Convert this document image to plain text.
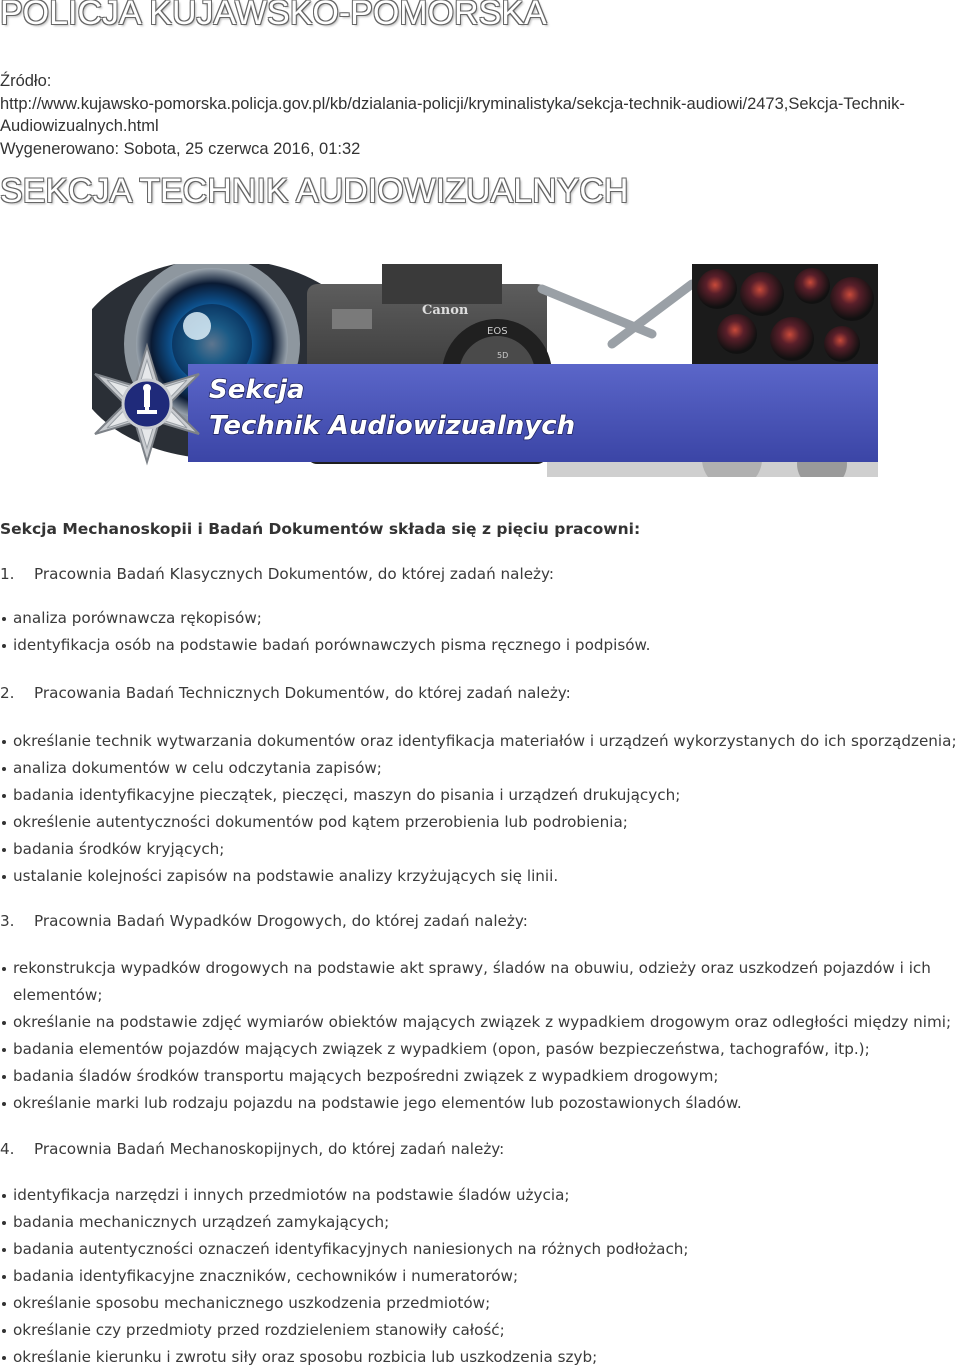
POLICJA KUJAWSKO-POMORSKA
Źródło:
http://www.kujawsko-pomorska.policja.gov.pl/kb/dzialania-policji/kryminalistyka/sekcja-technik-audiowi/2473,Sekcja-Technik-
Audiowizualnych.html
Wygenerowano: Sobota, 25 czerwca 2016, 01:32
SEKCJA TECHNIK AUDIOWIZUALNYCH
Canon
EOS
5D
Sekcja
Technik Audiowizualnych
Sekcja Mechanoskopii i Badań Dokumentów składa się z pięciu pracowni:
1. Pracownia Badań Klasycznych Dokumentów, do której zadań należy:
analiza porównawcza rękopisów;
identyfikacja osób na podstawie badań porównawczych pisma ręcznego i podpisów.
2. Pracowania Badań Technicznych Dokumentów, do której zadań należy:
określanie technik wytwarzania dokumentów oraz identyfikacja materiałów i urządzeń wykorzystanych do ich sporządzenia;
analiza dokumentów w celu odczytania zapisów;
badania identyfikacyjne pieczątek, pieczęci, maszyn do pisania i urządzeń drukujących;
określenie autentyczności dokumentów pod kątem przerobienia lub podrobienia;
badania środków kryjących;
ustalanie kolejności zapisów na podstawie analizy krzyżujących się linii.
3. Pracownia Badań Wypadków Drogowych, do której zadań należy:
rekonstrukcja wypadków drogowych na podstawie akt sprawy, śladów na obuwiu, odzieży oraz uszkodzeń pojazdów i ich elementów;
określanie na podstawie zdjęć wymiarów obiektów mających związek z wypadkiem drogowym oraz odległości między nimi;
badania elementów pojazdów mających związek z wypadkiem (opon, pasów bezpieczeństwa, tachografów, itp.);
badania śladów środków transportu mających bezpośredni związek z wypadkiem drogowym;
określanie marki lub rodzaju pojazdu na podstawie jego elementów lub pozostawionych śladów.
4. Pracownia Badań Mechanoskopijnych, do której zadań należy:
identyfikacja narzędzi i innych przedmiotów na podstawie śladów użycia;
badania mechanicznych urządzeń zamykających;
badania autentyczności oznaczeń identyfikacyjnych naniesionych na różnych podłożach;
badania identyfikacyjne znaczników, cechowników i numeratorów;
określanie sposobu mechanicznego uszkodzenia przedmiotów;
określanie czy przedmioty przed rozdzieleniem stanowiły całość;
określanie kierunku i zwrotu siły oraz sposobu rozbicia lub uszkodzenia szyb;
